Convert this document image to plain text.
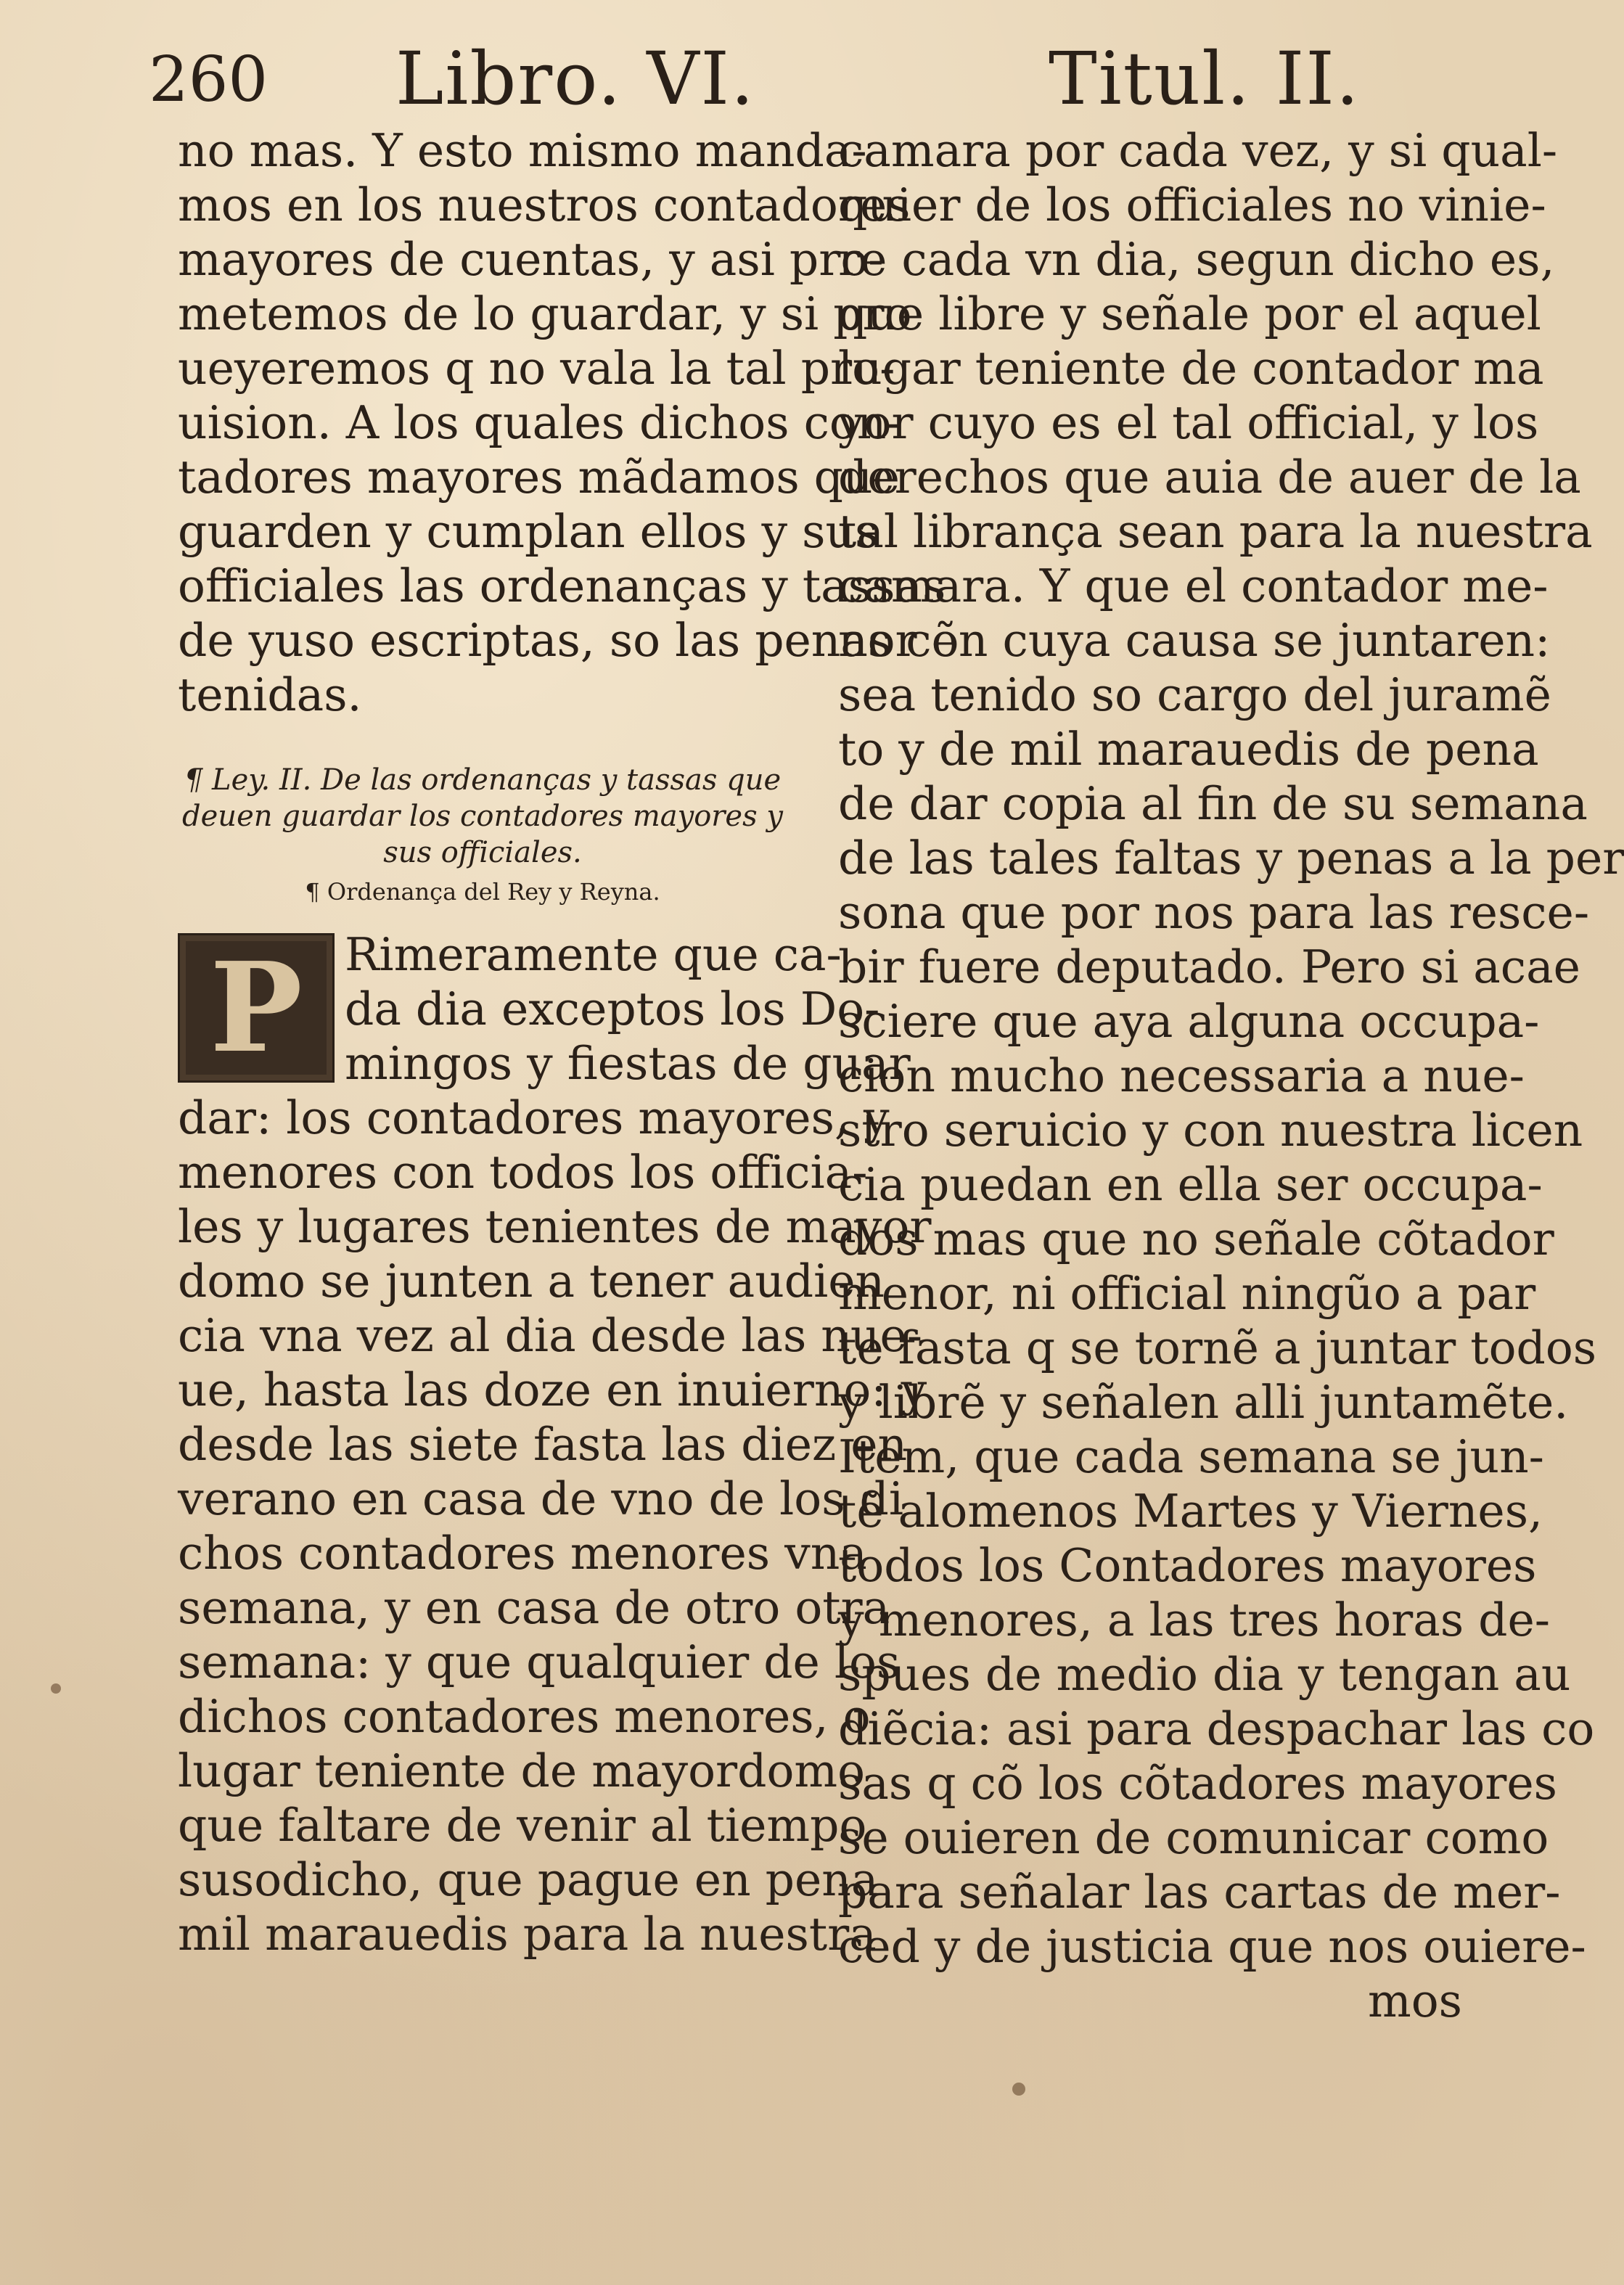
260 Libro. VI.	Titul. II.
no mas. Y esto mismo manda-
mos en los nuestros contadores
mayores de cuentas, y asi pro-
metemos de lo guardar, y si pro
ueyeremos q no vala la tal pro-
uision. A los quales dichos con-
tadores mayores mãdamos que
guarden y cumplan ellos y sus
officiales las ordenanças y tassas
de yuso escriptas, so las penas cõ
tenidas.
¶ Ley. II. De las ordenanças y tassas que deuen guardar los contadores mayores y sus officiales.
¶ Ordenança del Rey y Reyna.
P Rimeramente que ca-
da dia exceptos los Do-
mingos y fiestas de guar
dar: los contadores mayores, y
menores con todos los officia-
les y lugares tenientes de mayor
domo se junten a tener audien
cia vna vez al dia desde las nue-
ue, hasta las doze en inuierno: y
desde las siete fasta las diez en
verano en casa de vno de los di
chos contadores menores vna
semana, y en casa de otro otra
semana: y que qualquier de los
dichos contadores menores, o
lugar teniente de mayordomo
que faltare de venir al tiempo
susodicho, que pague en pena
mil marauedis para la nuestra
camara por cada vez, y si qual-
quier de los officiales no vinie-
re cada vn dia, segun dicho es,
que libre y señale por el aquel
lugar teniente de contador ma
yor cuyo es el tal official, y los
derechos que auia de auer de la
tal librança sean para la nuestra
camara. Y que el contador me-
nor en cuya causa se juntaren:
sea tenido so cargo del juramẽ
to y de mil marauedis de pena
de dar copia al fin de su semana
de las tales faltas y penas a la per
sona que por nos para las resce-
bir fuere deputado. Pero si acae
sciere que aya alguna occupa-
cion mucho necessaria a nue-
stro seruicio y con nuestra licen
cia puedan en ella ser occupa-
dos mas que no señale cõtador
menor, ni official ningũo a par
te fasta q se tornẽ a juntar todos
y librẽ y señalen alli juntamẽte.
Item, que cada semana se jun-
tẽ alomenos Martes y Viernes,
todos los Contadores mayores
y menores, a las tres horas de-
spues de medio dia y tengan au
diẽcia: asi para despachar las co
sas q cõ los cõtadores mayores
se ouieren de comunicar como
para señalar las cartas de mer-
ced y de justicia que nos ouiere-
mos
